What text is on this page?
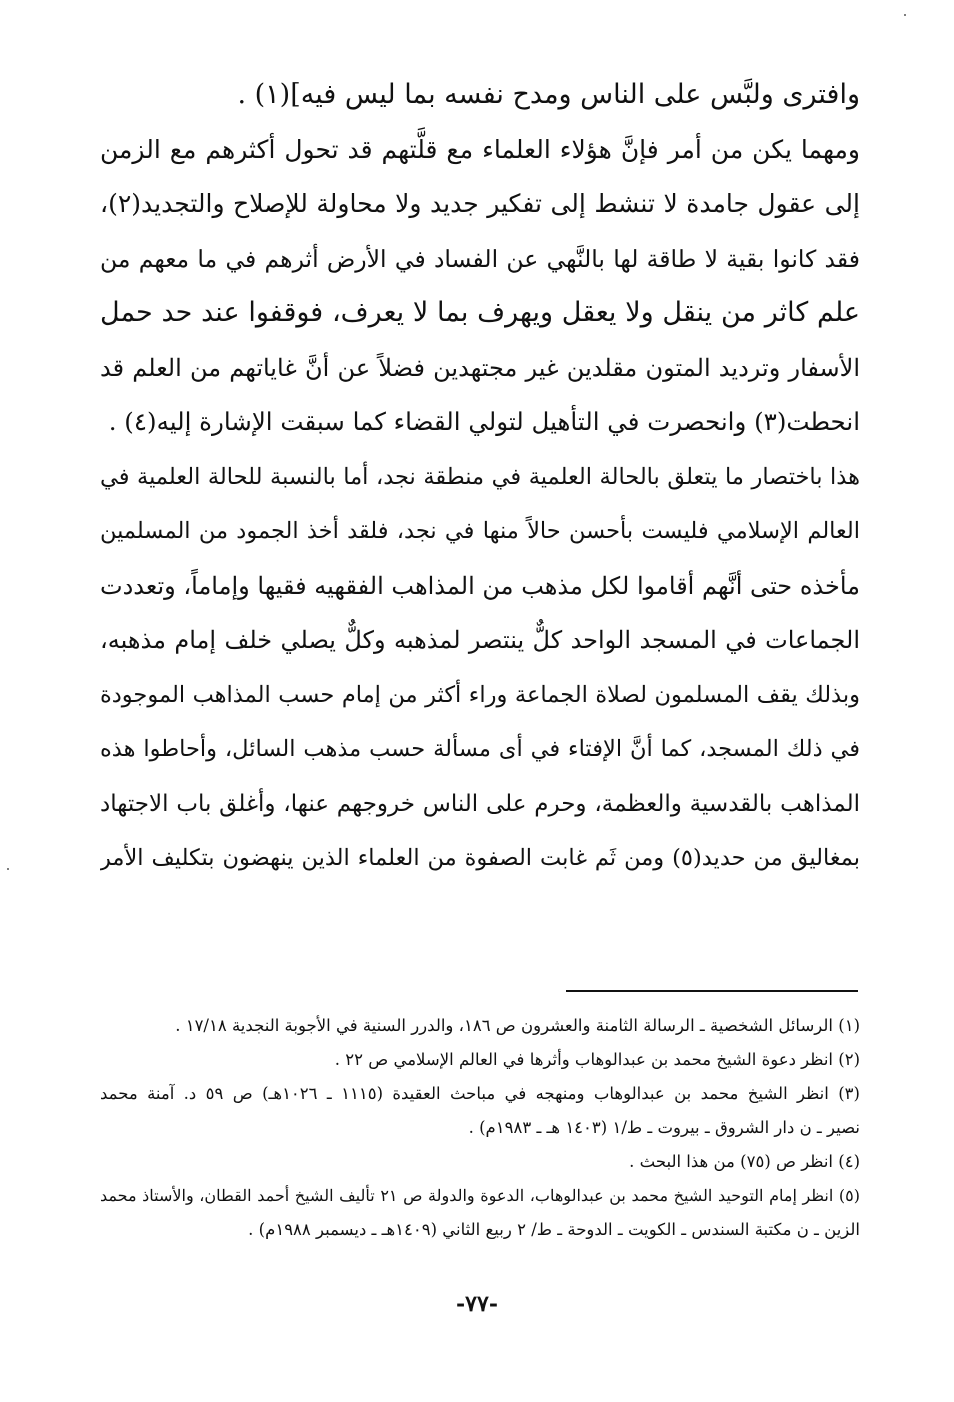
وافترى ولبَّس على الناس ومدح نفسه بما ليس فيه](١) .
ومهما يكن من أمر فإنَّ هؤلاء العلماء مع قلَّتهم قد تحول أكثرهم مع الزمن
إلى عقول جامدة لا تنشط إلى تفكير جديد ولا محاولة للإصلاح والتجديد(٢)،
فقد كانوا بقية لا طاقة لها بالنَّهي عن الفساد في الأرض أثرهم في ما معهم من
علم كاثر من ينقل ولا يعقل ويهرف بما لا يعرف، فوقفوا عند حد حمل
الأسفار وترديد المتون مقلدين غير مجتهدين فضلاً عن أنَّ غاياتهم من العلم قد
انحطت(٣) وانحصرت في التأهيل لتولي القضاء كما سبقت الإشارة إليه(٤) .
هذا باختصار ما يتعلق بالحالة العلمية في منطقة نجد، أما بالنسبة للحالة العلمية في
العالم الإسلامي فليست بأحسن حالاً منها في نجد، فلقد أخذ الجمود من المسلمين
مأخذه حتى أنَّهم أقاموا لكل مذهب من المذاهب الفقهيه فقيها وإماماً، وتعددت
الجماعات في المسجد الواحد كلٌّ ينتصر لمذهبه وكلٌّ يصلي خلف إمام مذهبه،
وبذلك يقف المسلمون لصلاة الجماعة وراء أكثر من إمام حسب المذاهب الموجودة
في ذلك المسجد، كما أنَّ الإفتاء في أى مسألة حسب مذهب السائل، وأحاطوا هذه
المذاهب بالقدسية والعظمة، وحرم على الناس خروجهم عنها، وأغلق باب الاجتهاد
بمغاليق من حديد(٥) ومن ثَم غابت الصفوة من العلماء الذين ينهضون بتكليف الأمر
(١) الرسائل الشخصية ـ الرسالة الثامنة والعشرون ص ١٨٦، والدرر السنية في الأجوبة النجدية ١٧/١٨ .
(٢) انظر دعوة الشيخ محمد بن عبدالوهاب وأثرها في العالم الإسلامي ص ٢٢ .
(٣) انظر الشيخ محمد بن عبدالوهاب ومنهجه في مباحث العقيدة (١١١٥ ـ ١٠٢٦هـ) ص ٥٩ د. آمنة محمد
نصير ـ ن دار الشروق ـ بيروت ـ ط/١ (١٤٠٣ هـ ـ ١٩٨٣م) .
(٤) انظر ص (٧٥) من هذا البحث .
(٥) انظر إمام التوحيد الشيخ محمد بن عبدالوهاب، الدعوة والدولة ص ٢١ تأليف الشيخ أحمد القطان، والأستاذ محمد
الزين ـ ن مكتبة السندس ـ الكويت ـ الدوحة ـ ط/ ٢ ربيع الثاني (١٤٠٩هـ ـ ديسمبر ١٩٨٨م) .
-٧٧-
